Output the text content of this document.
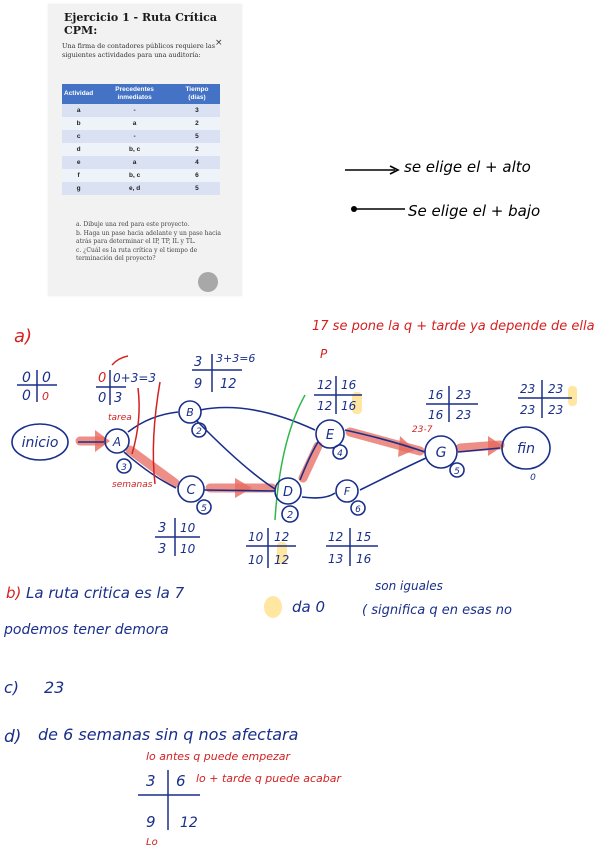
Ejercicio 1 - Ruta Crítica CPM:
×
Una firma de contadores públicos requiere las siguientes actividades para una auditoría:
Actividad	Precedentes inmediatos	Tiempo (días)
a	-	3
b	a	2
c	-	5
d	b, c	2
e	a	4
f	b, c	6
g	e, d	5
a. Dibuje una red para este proyecto.
b. Haga un pase hacia adelante y un pase hacia atrás para determinar el IP, TP, IL y TL.
c. ¿Cuál es la ruta crítica y el tiempo de terminación del proyecto?
se elige el + alto
Se elige el + bajo
a)	17 se pone la q + tarde ya depende de ella
P
inicio	A
B
C	D
E
F
G	fin
3
2
5
2
4
6
5
0
tarea
semanas
23-7
0 0
0 0
0 0+3=3
0 3
3 3+3=6
9 12
3 10
3 10
10 12
10 12
12 16
12 16
12 15
13 16
16 23
16 23
23 23
23 23
b) La ruta critica es la 7
da 0	( significa q en esas no
podemos tener demora
son iguales
c) 23
d) de 6 semanas sin q nos afectara
lo antes q puede empezar
lo + tarde q puede acabar
3 6
9 12
Lo
